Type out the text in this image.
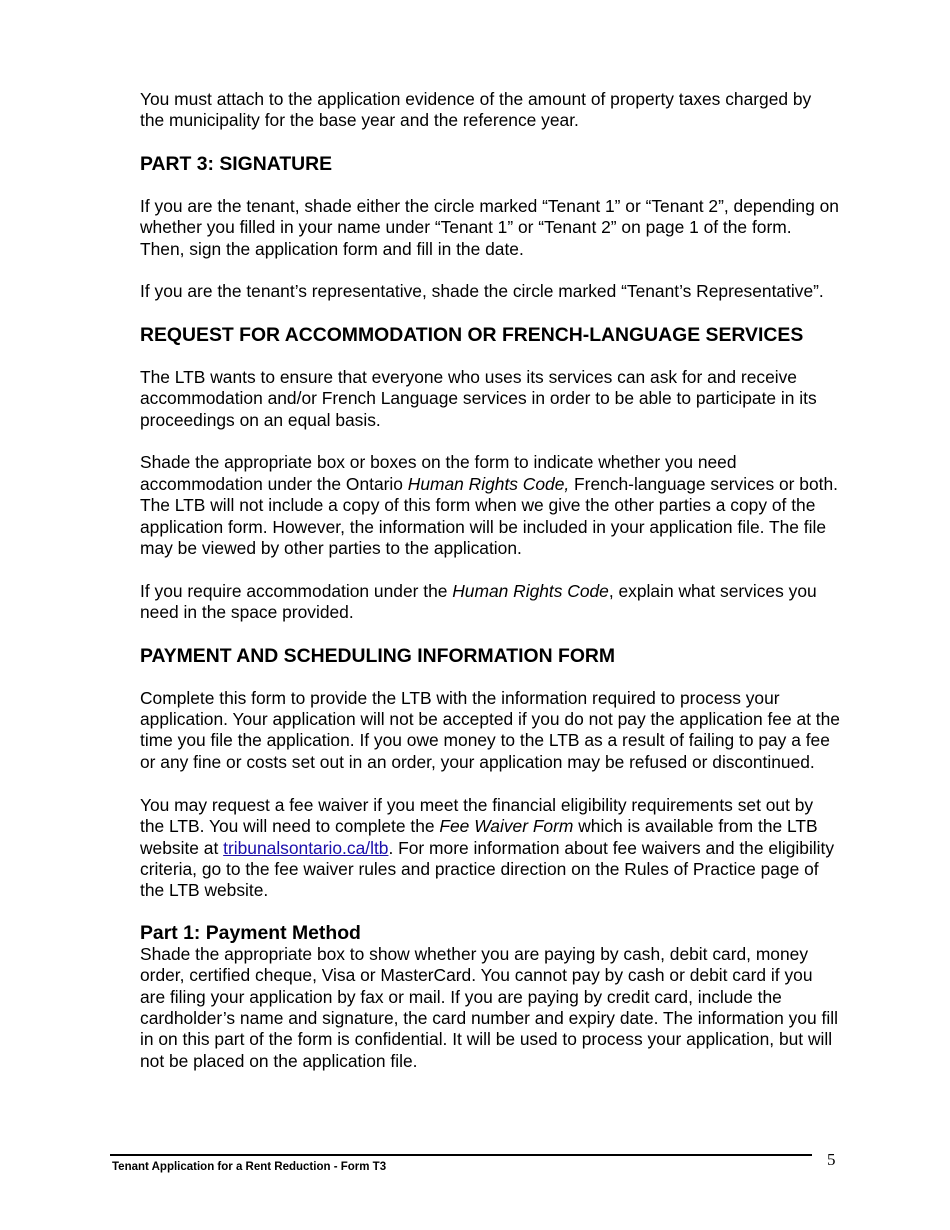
You must attach to the application evidence of the amount of property taxes charged by the municipality for the base year and the reference year.

PART 3: SIGNATURE

If you are the tenant, shade either the circle marked “Tenant 1” or “Tenant 2”, depending on whether you filled in your name under “Tenant 1” or “Tenant 2” on page 1 of the form. Then, sign the application form and fill in the date.

If you are the tenant’s representative, shade the circle marked “Tenant’s Representative”.

REQUEST FOR ACCOMMODATION OR FRENCH-LANGUAGE SERVICES

The LTB wants to ensure that everyone who uses its services can ask for and receive accommodation and/or French Language services in order to be able to participate in its proceedings on an equal basis.

Shade the appropriate box or boxes on the form to indicate whether you need accommodation under the Ontario Human Rights Code, French-language services or both. The LTB will not include a copy of this form when we give the other parties a copy of the application form. However, the information will be included in your application file. The file may be viewed by other parties to the application.

If you require accommodation under the Human Rights Code, explain what services you need in the space provided.

PAYMENT AND SCHEDULING INFORMATION FORM

Complete this form to provide the LTB with the information required to process your application. Your application will not be accepted if you do not pay the application fee at the time you file the application. If you owe money to the LTB as a result of failing to pay a fee or any fine or costs set out in an order, your application may be refused or discontinued.

You may request a fee waiver if you meet the financial eligibility requirements set out by the LTB. You will need to complete the Fee Waiver Form which is available from the LTB website at tribunalsontario.ca/ltb. For more information about fee waivers and the eligibility criteria, go to the fee waiver rules and practice direction on the Rules of Practice page of the LTB website.

Part 1: Payment Method

Shade the appropriate box to show whether you are paying by cash, debit card, money order, certified cheque, Visa or MasterCard. You cannot pay by cash or debit card if you are filing your application by fax or mail. If you are paying by credit card, include the cardholder’s name and signature, the card number and expiry date. The information you fill in on this part of the form is confidential. It will be used to process your application, but will not be placed on the application file.

Tenant Application for a Rent Reduction - Form T3	5
